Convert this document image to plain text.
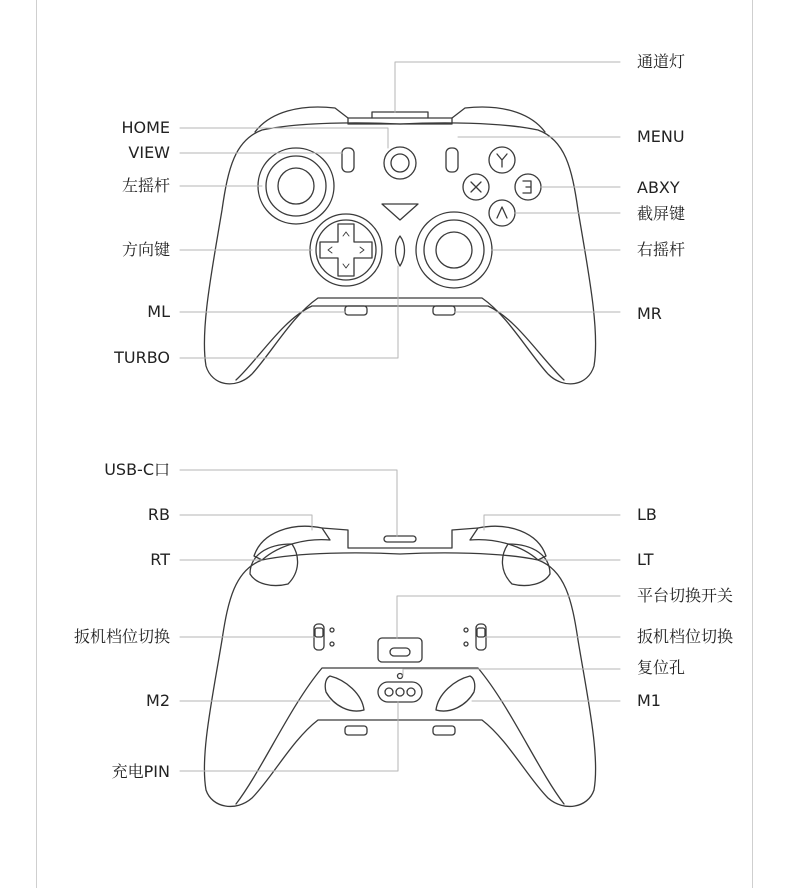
HOME
VIEW
左摇杆
方向键
ML
TURBO
通道灯
MENU
ABXY
截屏键
右摇杆
MR
USB-C口
RB
RT
扳机档位切换
M2
充电PIN
LB
LT
平台切换开关
扳机档位切换
复位孔
M1
